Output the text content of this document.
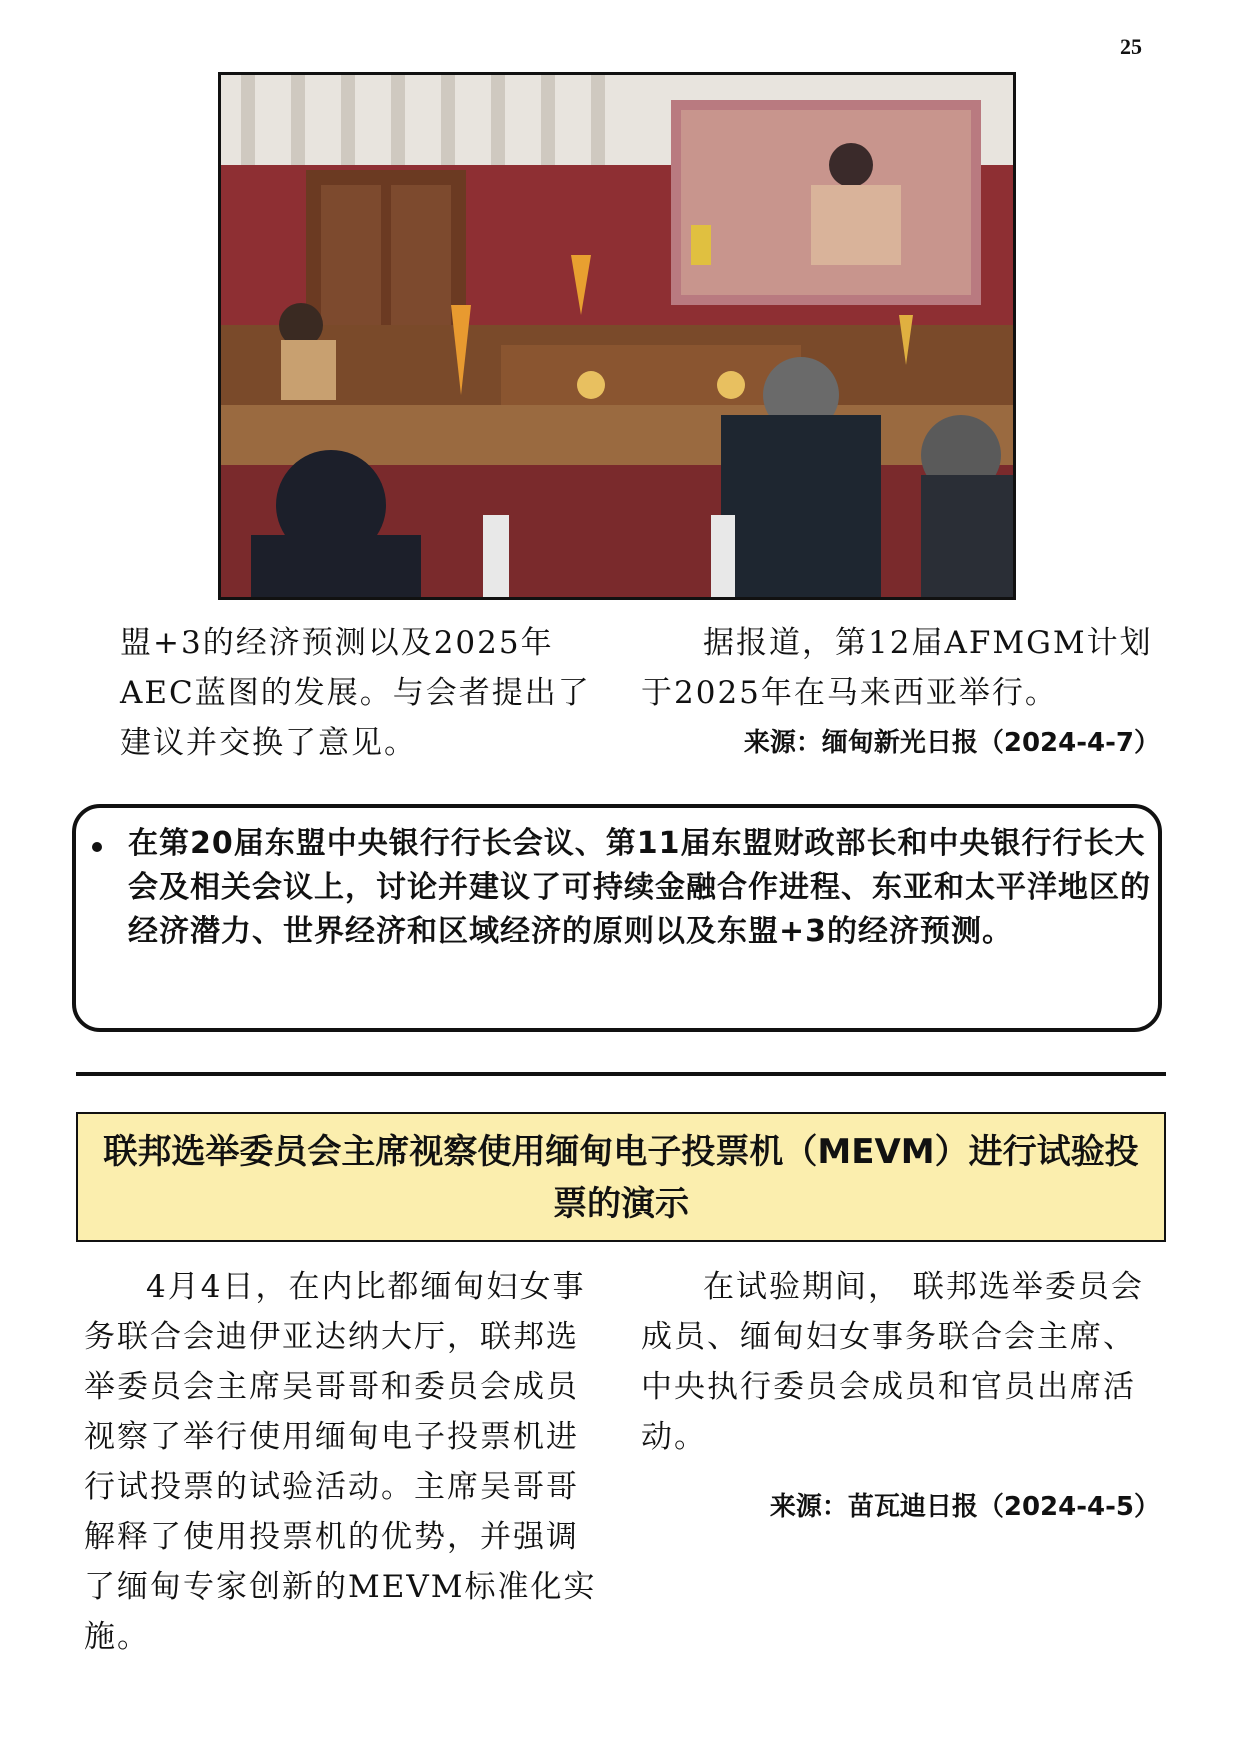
25
盟+3的经济预测以及2025年AEC蓝图的发展。与会者提出了建议并交换了意见。
据报道，第12届AFMGM计划于2025年在马来西亚举行。
来源：缅甸新光日报（2024-4-7）
在第20届东盟中央银行行长会议、第11届东盟财政部长和中央银行行长大会及相关会议上，讨论并建议了可持续金融合作进程、东亚和太平洋地区的经济潜力、世界经济和区域经济的原则以及东盟+3的经济预测。
联邦选举委员会主席视察使用缅甸电子投票机（MEVM）进行试验投票的演示
4月4日，在内比都缅甸妇女事务联合会迪伊亚达纳大厅，联邦选举委员会主席吴哥哥和委员会成员视察了举行使用缅甸电子投票机进行试投票的试验活动。主席吴哥哥解释了使用投票机的优势，并强调了缅甸专家创新的MEVM标准化实施。
在试验期间， 联邦选举委员会成员、缅甸妇女事务联合会主席、中央执行委员会成员和官员出席活动。
来源：苗瓦迪日报（2024-4-5）
